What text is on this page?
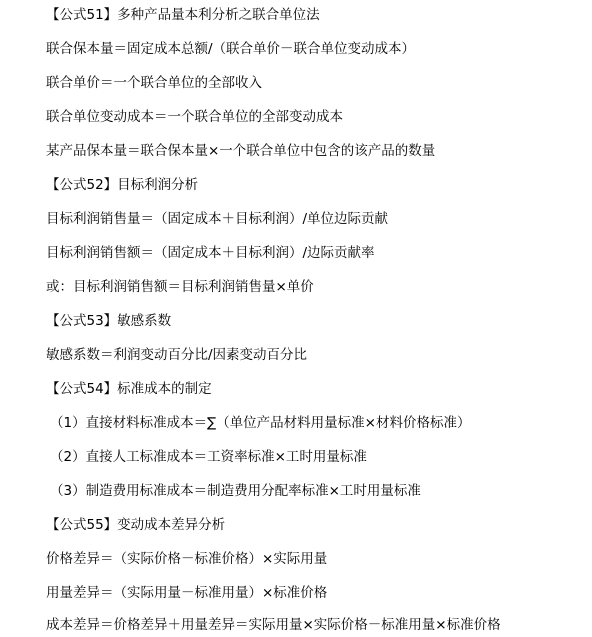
【公式51】多种产品量本利分析之联合单位法
联合保本量＝固定成本总额/（联合单价－联合单位变动成本）
联合单价＝一个联合单位的全部收入
联合单位变动成本＝一个联合单位的全部变动成本
某产品保本量＝联合保本量×一个联合单位中包含的该产品的数量
【公式52】目标利润分析
目标利润销售量＝（固定成本＋目标利润）/单位边际贡献
目标利润销售额＝（固定成本＋目标利润）/边际贡献率
或：目标利润销售额＝目标利润销售量×单价
【公式53】敏感系数
敏感系数＝利润变动百分比/因素变动百分比
【公式54】标准成本的制定
（1）直接材料标准成本＝∑（单位产品材料用量标准×材料价格标准）
（2）直接人工标准成本＝工资率标准×工时用量标准
（3）制造费用标准成本＝制造费用分配率标准×工时用量标准
【公式55】变动成本差异分析
价格差异＝（实际价格－标准价格）×实际用量
用量差异＝（实际用量－标准用量）×标准价格
成本差异＝价格差异＋用量差异＝实际用量×实际价格－标准用量×标准价格
